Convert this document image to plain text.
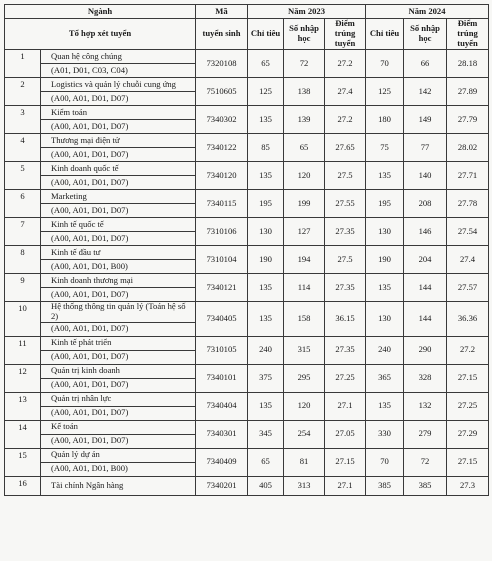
Ngành		Mã	Năm 2023			Năm 2024		
Tổ hợp xét tuyển		tuyển sinh	Chỉ tiêu	Số nhập học	Điểm trúng tuyển	Chỉ tiêu	Số nhập học	Điểm trúng tuyển
1	Quan hệ công chúng	7320108	65	72	27.2	70	66	28.18
	(A01, D01, C03, C04)							
2	Logistics và quản lý chuỗi cung ứng	7510605	125	138	27.4	125	142	27.89
	(A00, A01, D01, D07)							
3	Kiểm toán	7340302	135	139	27.2	180	149	27.79
	(A00, A01, D01, D07)							
4	Thương mại điện tử	7340122	85	65	27.65	75	77	28.02
	(A00, A01, D01, D07)							
5	Kinh doanh quốc tế	7340120	135	120	27.5	135	140	27.71
	(A00, A01, D01, D07)							
6	Marketing	7340115	195	199	27.55	195	208	27.78
	(A00, A01, D01, D07)							
7	Kinh tế quốc tế	7310106	130	127	27.35	130	146	27.54
	(A00, A01, D01, D07)							
8	Kinh tế đầu tư	7310104	190	194	27.5	190	204	27.4
	(A00, A01, D01, B00)							
9	Kinh doanh thương mại	7340121	135	114	27.35	135	144	27.57
	(A00, A01, D01, D07)							
10	Hệ thống thông tin quản lý (Toán hệ số 2)	7340405	135	158	36.15	130	144	36.36
	(A00, A01, D01, D07)							
11	Kinh tế phát triển	7310105	240	315	27.35	240	290	27.2
	(A00, A01, D01, D07)							
12	Quản trị kinh doanh	7340101	375	295	27.25	365	328	27.15
	(A00, A01, D01, D07)							
13	Quản trị nhân lực	7340404	135	120	27.1	135	132	27.25
	(A00, A01, D01, D07)							
14	Kế toán	7340301	345	254	27.05	330	279	27.29
	(A00, A01, D01, D07)							
15	Quản lý dự án	7340409	65	81	27.15	70	72	27.15
	(A00, A01, D01, B00)							
16	Tài chính Ngân hàng	7340201	405	313	27.1	385	385	27.3
